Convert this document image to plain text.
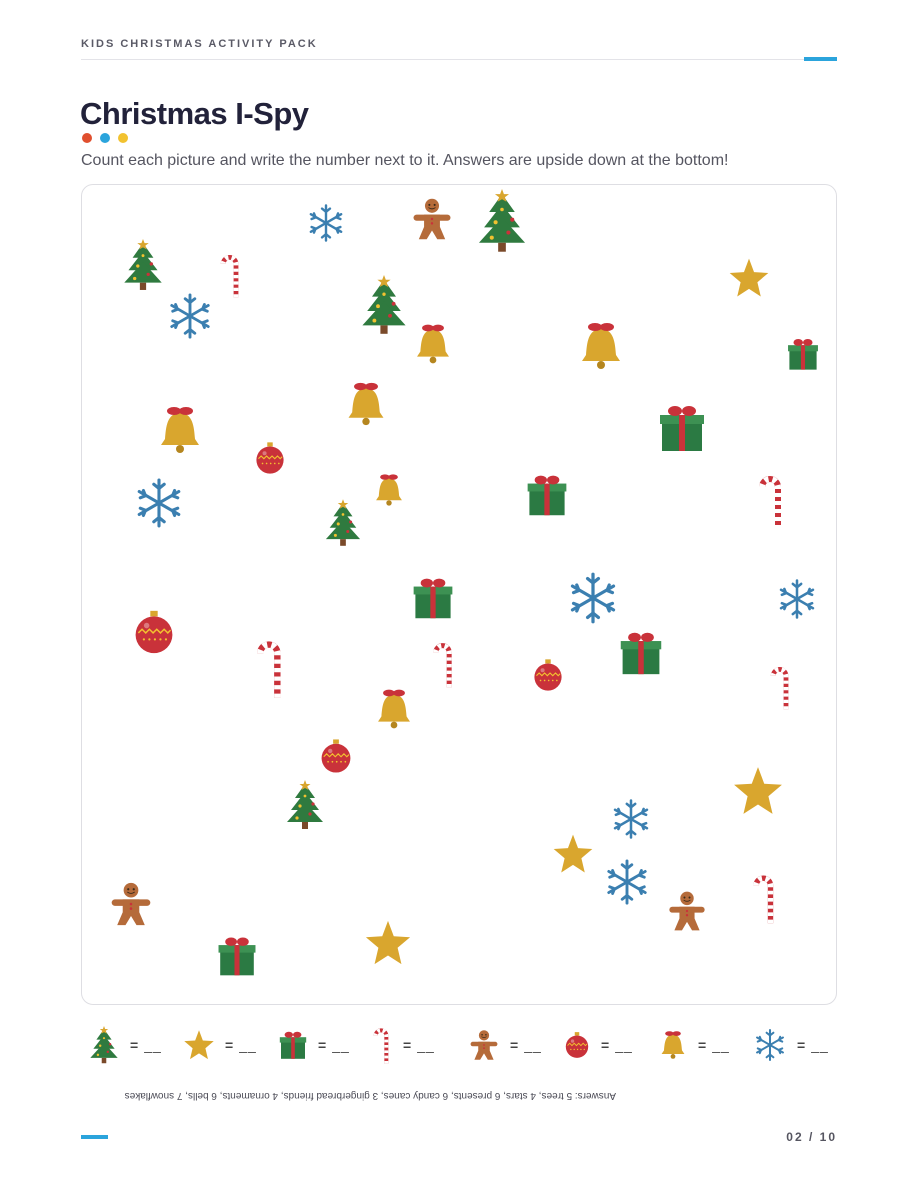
KIDS CHRISTMAS ACTIVITY PACK
Christmas I-Spy

Count each picture and write the number next to it. Answers are upside down at the bottom!

= __	= __	= __	= __	= __	= __	= __	= __
Answers: 5 trees, 4 stars, 6 presents, 6 candy canes, 3 gingerbread friends, 4 ornaments, 6 bells, 7 snowflakes
02 / 10
